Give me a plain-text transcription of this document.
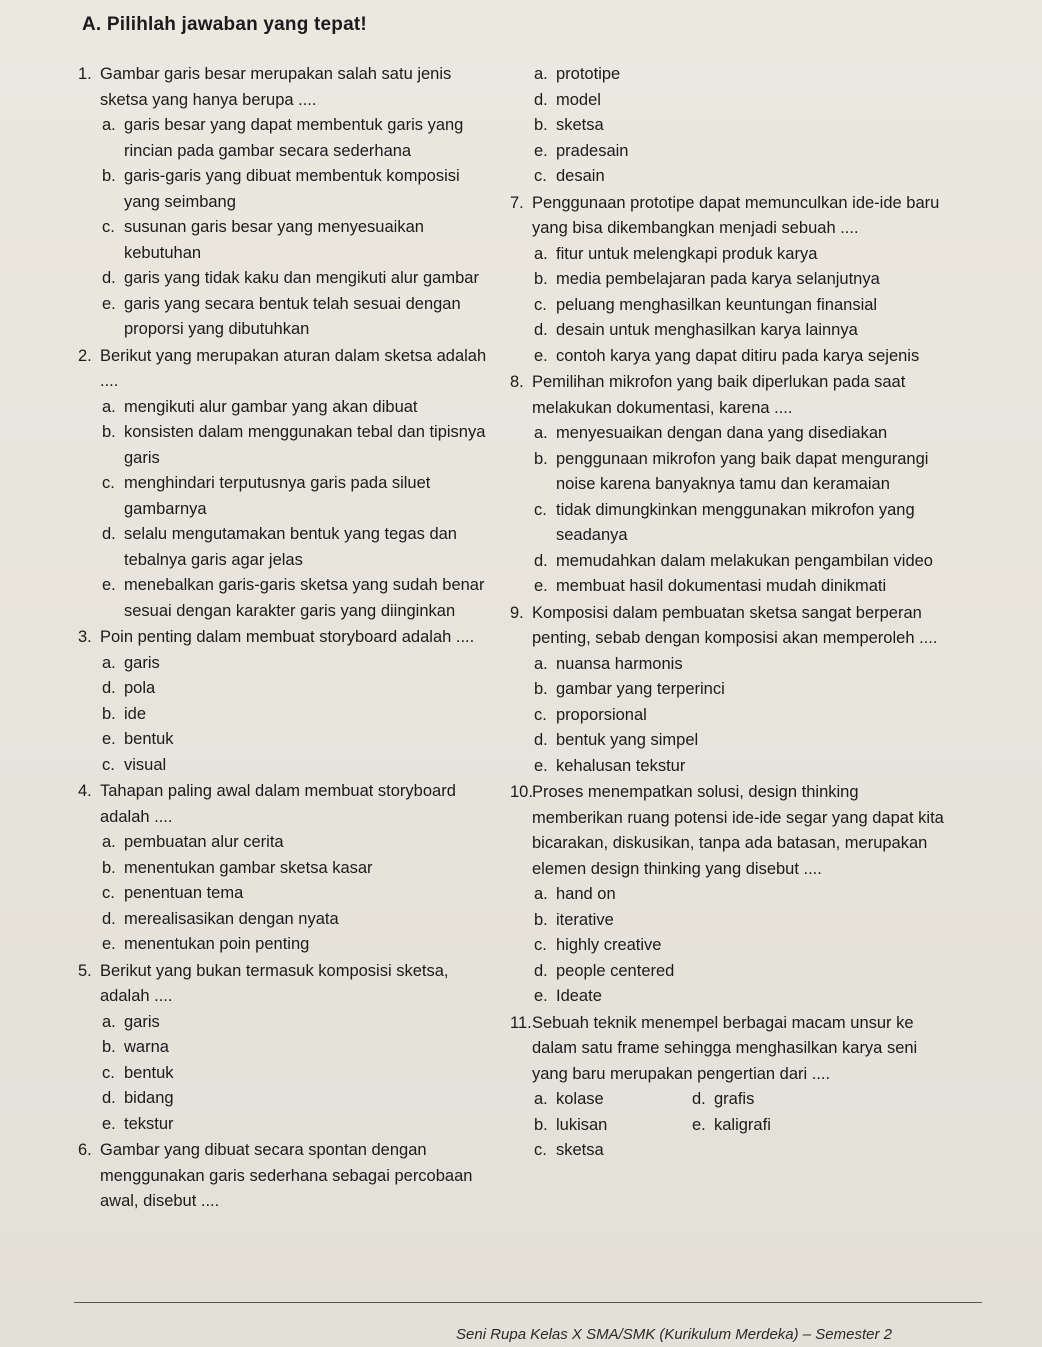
A. Pilihlah jawaban yang tepat!
1. Gambar garis besar merupakan salah satu jenis sketsa yang hanya berupa ....
a. garis besar yang dapat membentuk garis yang rincian pada gambar secara sederhana
b. garis-garis yang dibuat membentuk komposisi yang seimbang
c. susunan garis besar yang menyesuaikan kebutuhan
d. garis yang tidak kaku dan mengikuti alur gambar
e. garis yang secara bentuk telah sesuai dengan proporsi yang dibutuhkan
2. Berikut yang merupakan aturan dalam sketsa adalah ....
a. mengikuti alur gambar yang akan dibuat
b. konsisten dalam menggunakan tebal dan tipisnya garis
c. menghindari terputusnya garis pada siluet gambarnya
d. selalu mengutamakan bentuk yang tegas dan tebalnya garis agar jelas
e. menebalkan garis-garis sketsa yang sudah benar sesuai dengan karakter garis yang diinginkan
3. Poin penting dalam membuat storyboard adalah ....
a. garis
d. pola
b. ide
e. bentuk
c. visual
4. Tahapan paling awal dalam membuat storyboard adalah ....
a. pembuatan alur cerita
b. menentukan gambar sketsa kasar
c. penentuan tema
d. merealisasikan dengan nyata
e. menentukan poin penting
5. Berikut yang bukan termasuk komposisi sketsa, adalah ....
a. garis
b. warna
c. bentuk
d. bidang
e. tekstur
6. Gambar yang dibuat secara spontan dengan menggunakan garis sederhana sebagai percobaan awal, disebut ....
a. prototipe
d. model
b. sketsa
e. pradesain
c. desain
7. Penggunaan prototipe dapat memunculkan ide-ide baru yang bisa dikembangkan menjadi sebuah ....
a. fitur untuk melengkapi produk karya
b. media pembelajaran pada karya selanjutnya
c. peluang menghasilkan keuntungan finansial
d. desain untuk menghasilkan karya lainnya
e. contoh karya yang dapat ditiru pada karya sejenis
8. Pemilihan mikrofon yang baik diperlukan pada saat melakukan dokumentasi, karena ....
a. menyesuaikan dengan dana yang disediakan
b. penggunaan mikrofon yang baik dapat mengurangi noise karena banyaknya tamu dan keramaian
c. tidak dimungkinkan menggunakan mikrofon yang seadanya
d. memudahkan dalam melakukan pengambilan video
e. membuat hasil dokumentasi mudah dinikmati
9. Komposisi dalam pembuatan sketsa sangat berperan penting, sebab dengan komposisi akan memperoleh ....
a. nuansa harmonis
b. gambar yang terperinci
c. proporsional
d. bentuk yang simpel
e. kehalusan tekstur
10. Proses menempatkan solusi, design thinking memberikan ruang potensi ide-ide segar yang dapat kita bicarakan, diskusikan, tanpa ada batasan, merupakan elemen design thinking yang disebut ....
a. hand on
b. iterative
c. highly creative
d. people centered
e. Ideate
11. Sebuah teknik menempel berbagai macam unsur ke dalam satu frame sehingga menghasilkan karya seni yang baru merupakan pengertian dari ....
a. kolase	d. grafis
b. lukisan	e. kaligrafi
c. sketsa
Seni Rupa Kelas X SMA/SMK (Kurikulum Merdeka) – Semester 2
